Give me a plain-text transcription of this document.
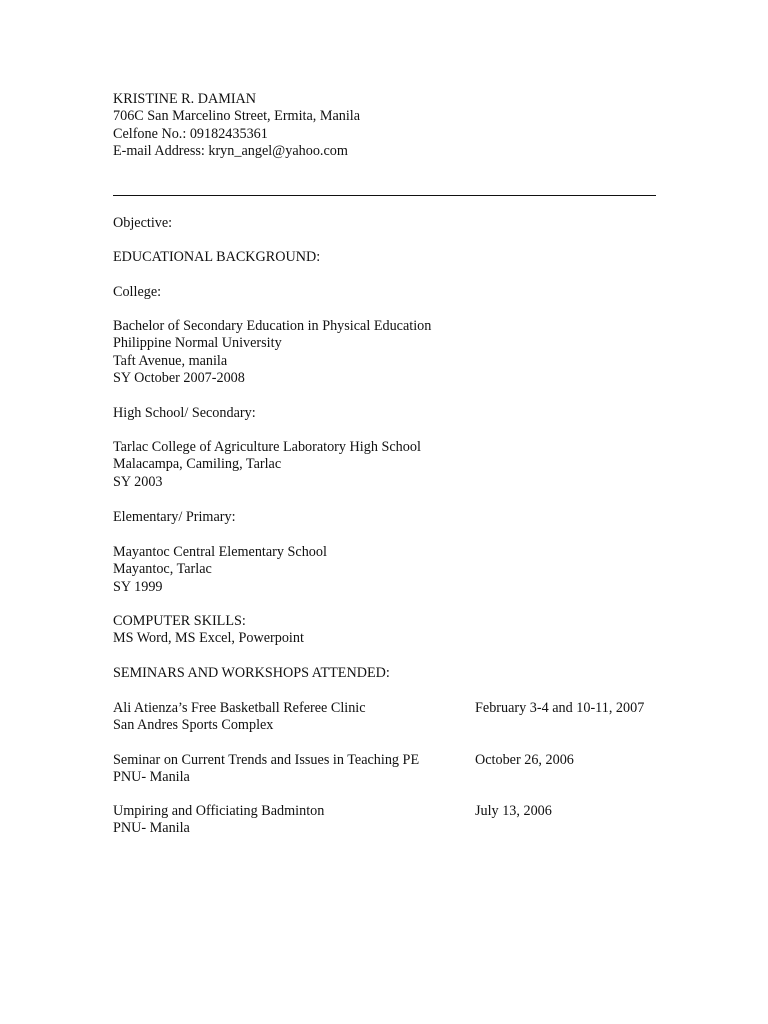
KRISTINE R. DAMIAN
706C San Marcelino Street, Ermita, Manila
Celfone No.: 09182435361
E-mail Address: kryn_angel@yahoo.com
Objective:
EDUCATIONAL BACKGROUND:
College:
Bachelor of Secondary Education in Physical Education
Philippine Normal University
Taft Avenue, manila
SY October 2007-2008
High School/ Secondary:
Tarlac College of Agriculture Laboratory High School
Malacampa, Camiling, Tarlac
SY 2003
Elementary/ Primary:
Mayantoc Central Elementary School
Mayantoc, Tarlac
SY 1999
COMPUTER SKILLS:
MS Word, MS Excel, Powerpoint
SEMINARS AND WORKSHOPS ATTENDED:
Ali Atienza’s Free Basketball Referee Clinic
San Andres Sports Complex
February 3-4 and 10-11, 2007
Seminar on Current Trends and Issues in Teaching PE
PNU- Manila
October 26, 2006
Umpiring and Officiating Badminton
PNU- Manila
July 13, 2006
